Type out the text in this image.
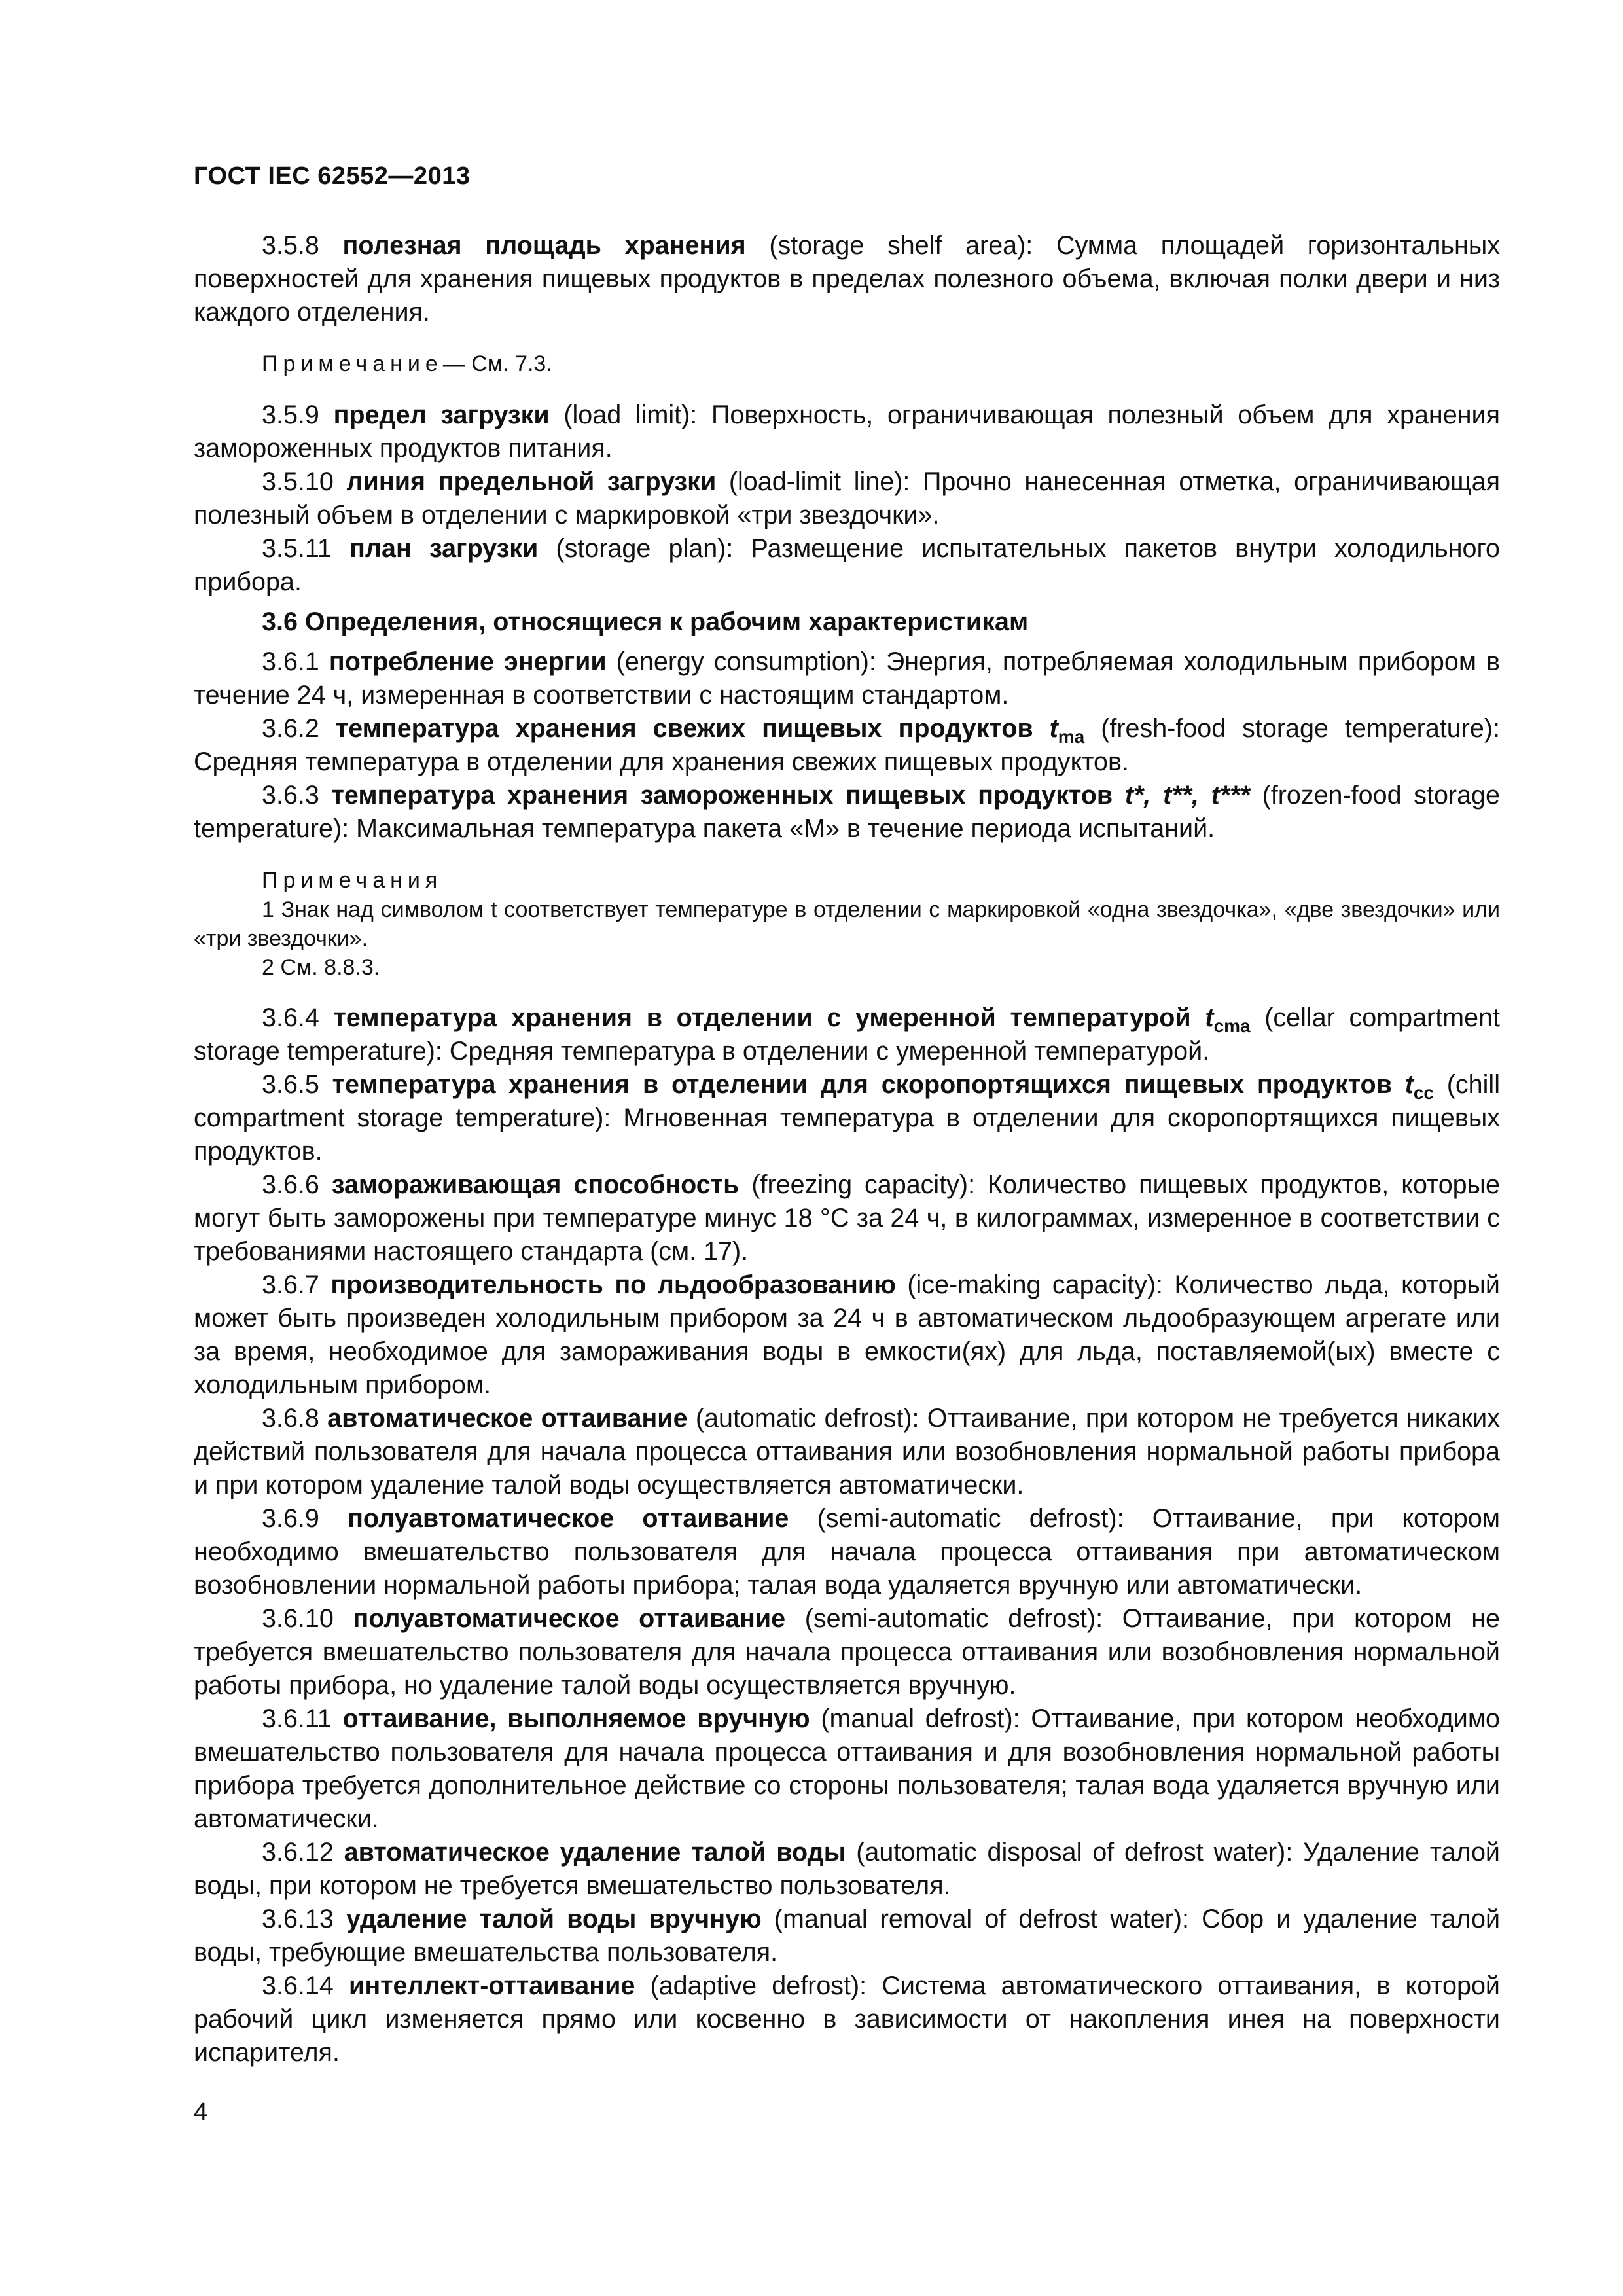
ГОСТ IEC 62552—2013

3.5.8 полезная площадь хранения (storage shelf area): Сумма площадей горизонтальных поверхностей для хранения пищевых продуктов в пределах полезного объема, включая полки двери и низ каждого отделения.

Примечание— См. 7.3.

3.5.9 предел загрузки (load limit): Поверхность, ограничивающая полезный объем для хранения замороженных продуктов питания.

3.5.10 линия предельной загрузки (load-limit line): Прочно нанесенная отметка, ограничивающая полезный объем в отделении с маркировкой «три звездочки».

3.5.11 план загрузки (storage plan): Размещение испытательных пакетов внутри холодильного прибора.

3.6 Определения, относящиеся к рабочим характеристикам

3.6.1 потребление энергии (energy consumption): Энергия, потребляемая холодильным прибором в течение 24 ч, измеренная в соответствии с настоящим стандартом.

3.6.2 температура хранения свежих пищевых продуктов $t_{ma}$ (fresh-food storage temperature): Средняя температура в отделении для хранения свежих пищевых продуктов.

3.6.3 температура хранения замороженных пищевых продуктов t*, t**, t*** (frozen-food storage temperature): Максимальная температура пакета «М» в течение периода испытаний.

Примечания

1 Знак над символом t соответствует температуре в отделении с маркировкой «одна звездочка», «две звездочки» или «три звездочки».

2 См. 8.8.3.

3.6.4 температура хранения в отделении с умеренной температурой $t_{cma}$ (cellar compartment storage temperature): Средняя температура в отделении с умеренной температурой.

3.6.5 температура хранения в отделении для скоропортящихся пищевых продуктов $t_{cc}$ (chill compartment storage temperature): Мгновенная температура в отделении для скоропортящихся пищевых продуктов.

3.6.6 замораживающая способность (freezing capacity): Количество пищевых продуктов, которые могут быть заморожены при температуре минус 18 °С за 24 ч, в килограммах, измеренное в соответствии с требованиями настоящего стандарта (см. 17).

3.6.7 производительность по льдообразованию (ice-making capacity): Количество льда, который может быть произведен холодильным прибором за 24 ч в автоматическом льдообразующем агрегате или за время, необходимое для замораживания воды в емкости(ях) для льда, поставляемой(ых) вместе с холодильным прибором.

3.6.8 автоматическое оттаивание (automatic defrost): Оттаивание, при котором не требуется никаких действий пользователя для начала процесса оттаивания или возобновления нормальной работы прибора и при котором удаление талой воды осуществляется автоматически.

3.6.9 полуавтоматическое оттаивание (semi-automatic defrost): Оттаивание, при котором необходимо вмешательство пользователя для начала процесса оттаивания при автоматическом возобновлении нормальной работы прибора; талая вода удаляется вручную или автоматически.

3.6.10 полуавтоматическое оттаивание (semi-automatic defrost): Оттаивание, при котором не требуется вмешательство пользователя для начала процесса оттаивания или возобновления нормальной работы прибора, но удаление талой воды осуществляется вручную.

3.6.11 оттаивание, выполняемое вручную (manual defrost): Оттаивание, при котором необходимо вмешательство пользователя для начала процесса оттаивания и для возобновления нормальной работы прибора требуется дополнительное действие со стороны пользователя; талая вода удаляется вручную или автоматически.

3.6.12 автоматическое удаление талой воды (automatic disposal of defrost water): Удаление талой воды, при котором не требуется вмешательство пользователя.

3.6.13 удаление талой воды вручную (manual removal of defrost water): Сбор и удаление талой воды, требующие вмешательства пользователя.

3.6.14 интеллект-оттаивание (adaptive defrost): Система автоматического оттаивания, в которой рабочий цикл изменяется прямо или косвенно в зависимости от накопления инея на поверхности испарителя.

4
